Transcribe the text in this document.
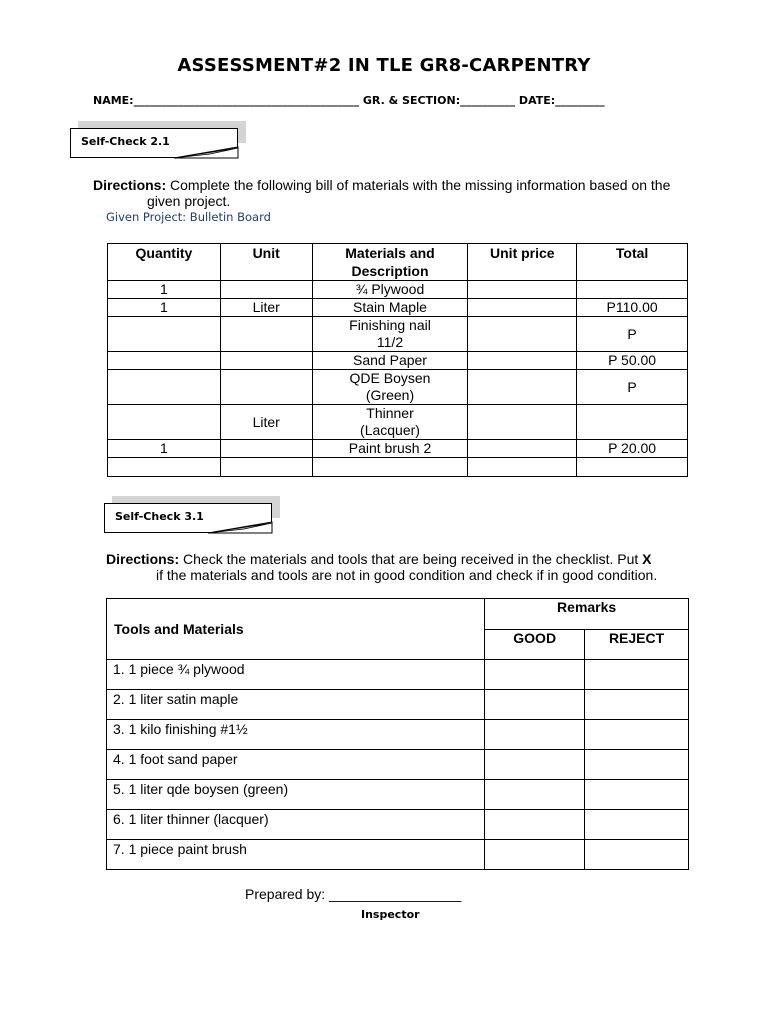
ASSESSMENT#2 IN TLE GR8-CARPENTRY
NAME:_________________________________________ GR. & SECTION:__________ DATE:_________
Self-Check 2.1
Directions: Complete the following bill of materials with the missing information based on the
given project.
Given Project: Bulletin Board
Quantity	Unit	Materials and Description	Unit price	Total
1		¾ Plywood		
1	Liter	Stain Maple		P110.00
		Finishing nail 11/2		P
		Sand Paper		P 50.00
		QDE Boysen (Green)		P
	Liter	Thinner (Lacquer)		
1		Paint brush 2		P 20.00

Self-Check 3.1
Directions: Check the materials and tools that are being received in the checklist. Put X
if the materials and tools are not in good condition and check if in good condition.
Tools and Materials	Remarks	
	GOOD	REJECT
1. 1 piece ¾ plywood		
2. 1 liter satin maple		
3. 1 kilo finishing #1½		
4. 1 foot sand paper		
5. 1 liter qde boysen (green)		
6. 1 liter thinner (lacquer)		
7. 1 piece paint brush		
Prepared by: _________________
Inspector
